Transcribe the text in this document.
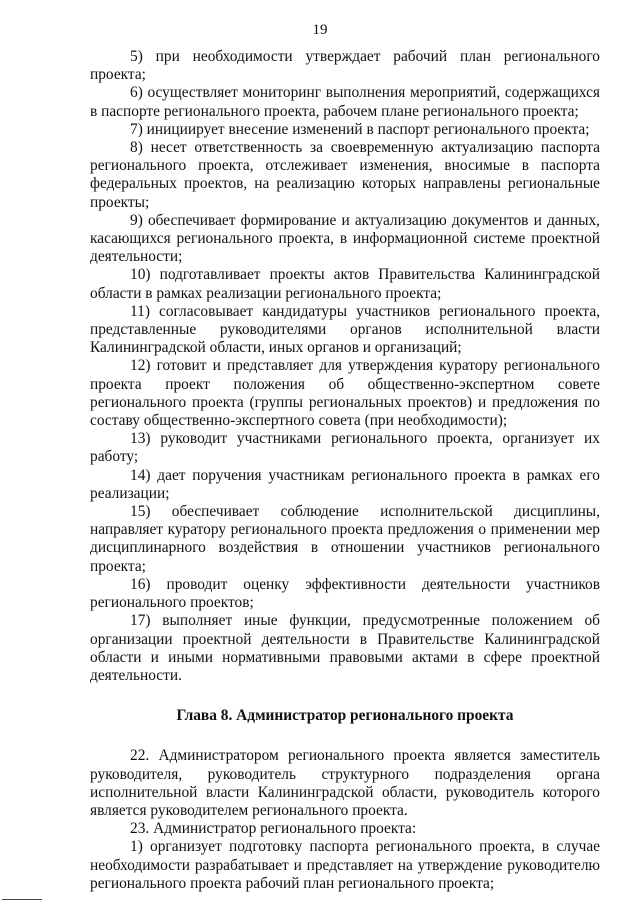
19

5) при необходимости утверждает рабочий план регионального проекта;

6) осуществляет мониторинг выполнения мероприятий, содержащихся в паспорте регионального проекта, рабочем плане регионального проекта;

7) инициирует внесение изменений в паспорт регионального проекта;

8) несет ответственность за своевременную актуализацию паспорта регионального проекта, отслеживает изменения, вносимые в паспорта федеральных проектов, на реализацию которых направлены региональные проекты;

9) обеспечивает формирование и актуализацию документов и данных, касающихся регионального проекта, в информационной системе проектной деятельности;

10) подготавливает проекты актов Правительства Калининградской области в рамках реализации регионального проекта;

11) согласовывает кандидатуры участников регионального проекта, представленные руководителями органов исполнительной власти Калининградской области, иных органов и организаций;

12) готовит и представляет для утверждения куратору регионального проекта проект положения об общественно-экспертном совете регионального проекта (группы региональных проектов) и предложения по составу общественно-экспертного совета (при необходимости);

13) руководит участниками регионального проекта, организует их работу;

14) дает поручения участникам регионального проекта в рамках его реализации;

15) обеспечивает соблюдение исполнительской дисциплины, направляет куратору регионального проекта предложения о применении мер дисциплинарного воздействия в отношении участников регионального проекта;

16) проводит оценку эффективности деятельности участников регионального проектов;

17) выполняет иные функции, предусмотренные положением об организации проектной деятельности в Правительстве Калининградской области и иными нормативными правовыми актами в сфере проектной деятельности.

Глава 8. Администратор регионального проекта

22. Администратором регионального проекта является заместитель руководителя, руководитель структурного подразделения органа исполнительной власти Калининградской области, руководитель которого является руководителем регионального проекта.

23. Администратор регионального проекта:

1) организует подготовку паспорта регионального проекта, в случае необходимости разрабатывает и представляет на утверждение руководителю регионального проекта рабочий план регионального проекта;
